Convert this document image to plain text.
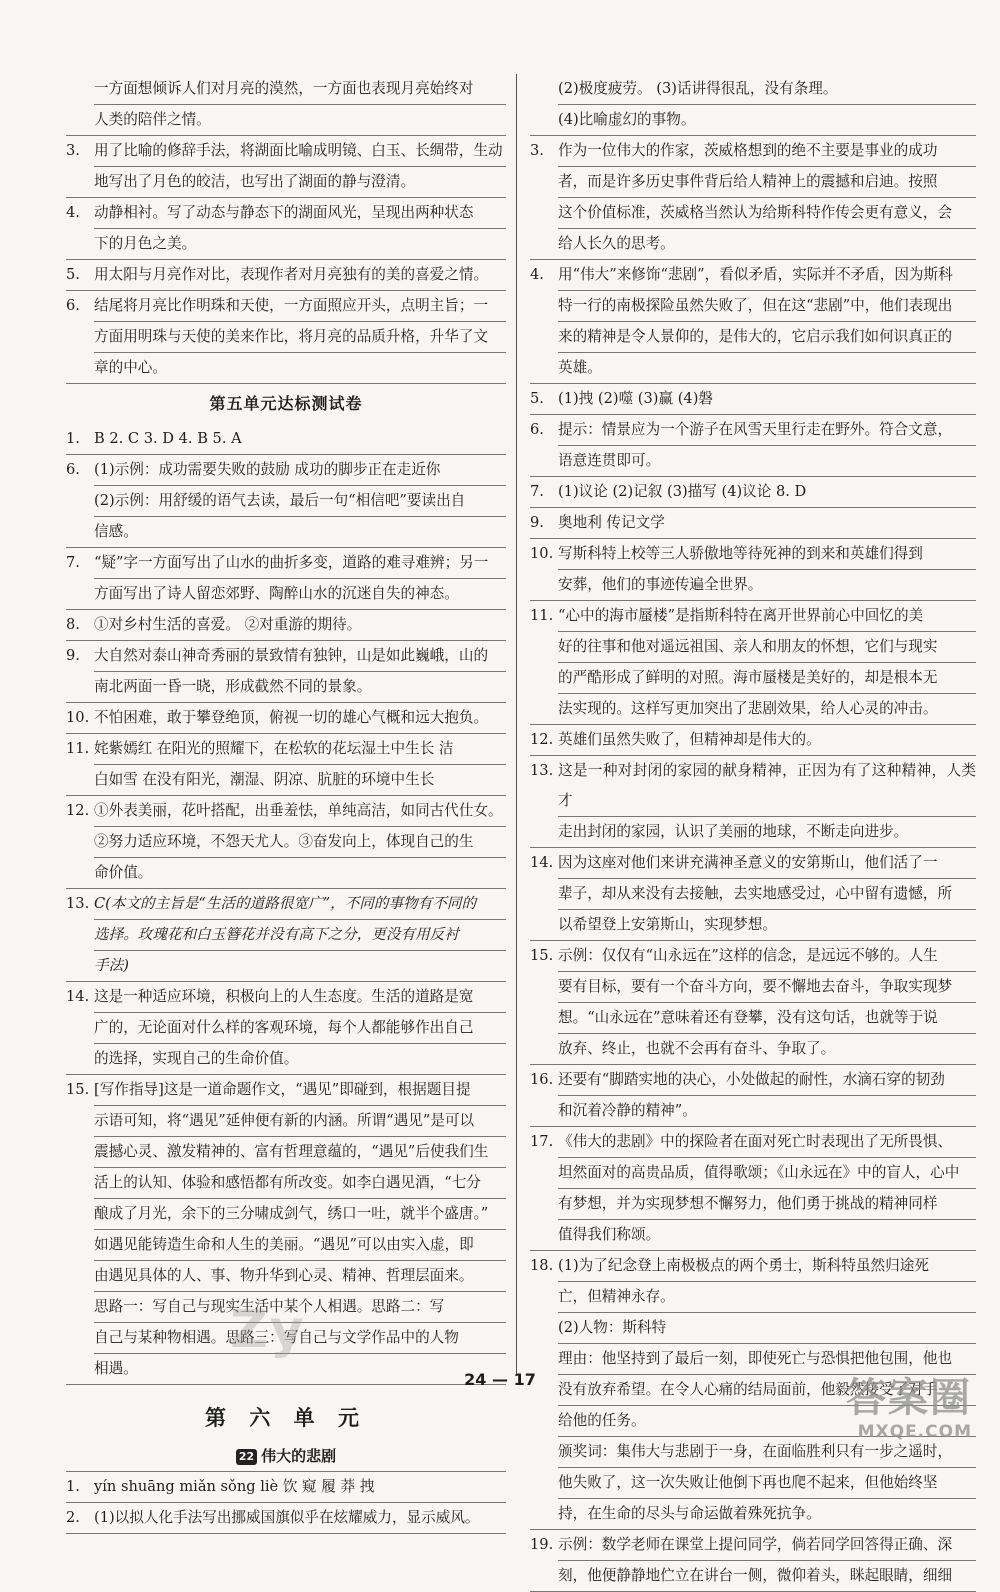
一方面想倾诉人们对月亮的漠然，一方面也表现月亮始终对
人类的陪伴之情。
3. 用了比喻的修辞手法，将湖面比喻成明镜、白玉、长绸带，生动
地写出了月色的皎洁，也写出了湖面的静与澄清。
4. 动静相衬。写了动态与静态下的湖面风光，呈现出两种状态
下的月色之美。
5. 用太阳与月亮作对比，表现作者对月亮独有的美的喜爱之情。
6. 结尾将月亮比作明珠和天使，一方面照应开头，点明主旨；一
方面用明珠与天使的美来作比，将月亮的品质升格，升华了文
章的中心。
第五单元达标测试卷
1. B 2. C 3. D 4. B 5. A
6. (1)示例：成功需要失败的鼓励 成功的脚步正在走近你
(2)示例：用舒缓的语气去读，最后一句“相信吧”要读出自
信感。
7. “疑”字一方面写出了山水的曲折多变，道路的难寻难辨；另一
方面写出了诗人留恋郊野、陶醉山水的沉迷自失的神态。
8. ①对乡村生活的喜爱。 ②对重游的期待。
9. 大自然对泰山神奇秀丽的景致情有独钟，山是如此巍峨，山的
南北两面一昏一晓，形成截然不同的景象。
10. 不怕困难，敢于攀登绝顶，俯视一切的雄心气概和远大抱负。
11. 姹紫嫣红 在阳光的照耀下，在松软的花坛湿土中生长 洁
白如雪 在没有阳光，潮湿、阴凉、肮脏的环境中生长
12. ①外表美丽，花叶搭配，出垂羞怯，单纯高洁，如同古代仕女。
②努力适应环境，不怨天尤人。③奋发向上，体现自己的生
命价值。
13. C(本文的主旨是“生活的道路很宽广”，不同的事物有不同的
选择。玫瑰花和白玉簪花并没有高下之分，更没有用反衬
手法)
14. 这是一种适应环境，积极向上的人生态度。生活的道路是宽
广的，无论面对什么样的客观环境，每个人都能够作出自己
的选择，实现自己的生命价值。
15. [写作指导]这是一道命题作文，“遇见”即碰到，根据题目提
示语可知，将“遇见”延伸便有新的内涵。所谓“遇见”是可以
震撼心灵、激发精神的、富有哲理意蕴的，“遇见”后使我们生
活上的认知、体验和感悟都有所改变。如李白遇见酒，“七分
酿成了月光，余下的三分啸成剑气，绣口一吐，就半个盛唐。”
如遇见能铸造生命和人生的美丽。“遇见”可以由实入虚，即
由遇见具体的人、事、物升华到心灵、精神、哲理层面来。
思路一：写自己与现实生活中某个人相遇。思路二：写
自己与某种物相遇。思路三：写自己与文学作品中的人物
相遇。
第 六 单 元
22 伟大的悲剧
1. yín shuāng miǎn sǒng liè 饮 窥 履 莽 拽
2. (1)以拟人化手法写出挪威国旗似乎在炫耀威力，显示威风。
(2)极度疲劳。 (3)话讲得很乱，没有条理。
(4)比喻虚幻的事物。
3. 作为一位伟大的作家，茨威格想到的绝不主要是事业的成功
者，而是许多历史事件背后给人精神上的震撼和启迪。按照
这个价值标准，茨威格当然认为给斯科特作传会更有意义，会
给人长久的思考。
4. 用“伟大”来修饰“悲剧”，看似矛盾，实际并不矛盾，因为斯科
特一行的南极探险虽然失败了，但在这“悲剧”中，他们表现出
来的精神是令人景仰的，是伟大的，它启示我们如何识真正的
英雄。
5. (1)拽 (2)噬 (3)赢 (4)磐
6. 提示：情景应为一个游子在风雪天里行走在野外。符合文意，
语意连贯即可。
7. (1)议论 (2)记叙 (3)描写 (4)议论 8. D
9. 奥地利 传记文学
10. 写斯科特上校等三人骄傲地等待死神的到来和英雄们得到
安葬，他们的事迹传遍全世界。
11. “心中的海市蜃楼”是指斯科特在离开世界前心中回忆的美
好的往事和他对遥远祖国、亲人和朋友的怀想，它们与现实
的严酷形成了鲜明的对照。海市蜃楼是美好的，却是根本无
法实现的。这样写更加突出了悲剧效果，给人心灵的冲击。
12. 英雄们虽然失败了，但精神却是伟大的。
13. 这是一种对封闭的家园的献身精神，正因为有了这种精神，人类才
走出封闭的家园，认识了美丽的地球，不断走向进步。
14. 因为这座对他们来讲充满神圣意义的安第斯山，他们活了一
辈子，却从来没有去接触，去实地感受过，心中留有遗憾，所
以希望登上安第斯山，实现梦想。
15. 示例：仅仅有“山永远在”这样的信念，是远远不够的。人生
要有目标，要有一个奋斗方向，要不懈地去奋斗，争取实现梦
想。“山永远在”意味着还有登攀，没有这句话，也就等于说
放弃、终止，也就不会再有奋斗、争取了。
16. 还要有“脚踏实地的决心，小处做起的耐性，水滴石穿的韧劲
和沉着冷静的精神”。
17. 《伟大的悲剧》中的探险者在面对死亡时表现出了无所畏惧、
坦然面对的高贵品质，值得歌颂；《山永远在》中的盲人，心中
有梦想，并为实现梦想不懈努力，他们勇于挑战的精神同样
值得我们称颂。
18. (1)为了纪念登上南极极点的两个勇士，斯科特虽然归途死
亡，但精神永存。
(2)人物：斯科特
理由：他坚持到了最后一刻，即使死亡与恐惧把他包围，他也
没有放弃希望。在令人心痛的结局面前，他毅然接受了对手
给他的任务。
颁奖词：集伟大与悲剧于一身，在面临胜利只有一步之遥时，
他失败了，这一次失败让他倒下再也爬不起来，但他始终坚
持，在生命的尽头与命运做着殊死抗争。
19. 示例：数学老师在课堂上提问同学，倘若同学回答得正确、深
刻，他便静静地伫立在讲台一侧，微仰着头，眯起眼睛，细细
24 — 17
Zy
答案圈
MXQE.COM
